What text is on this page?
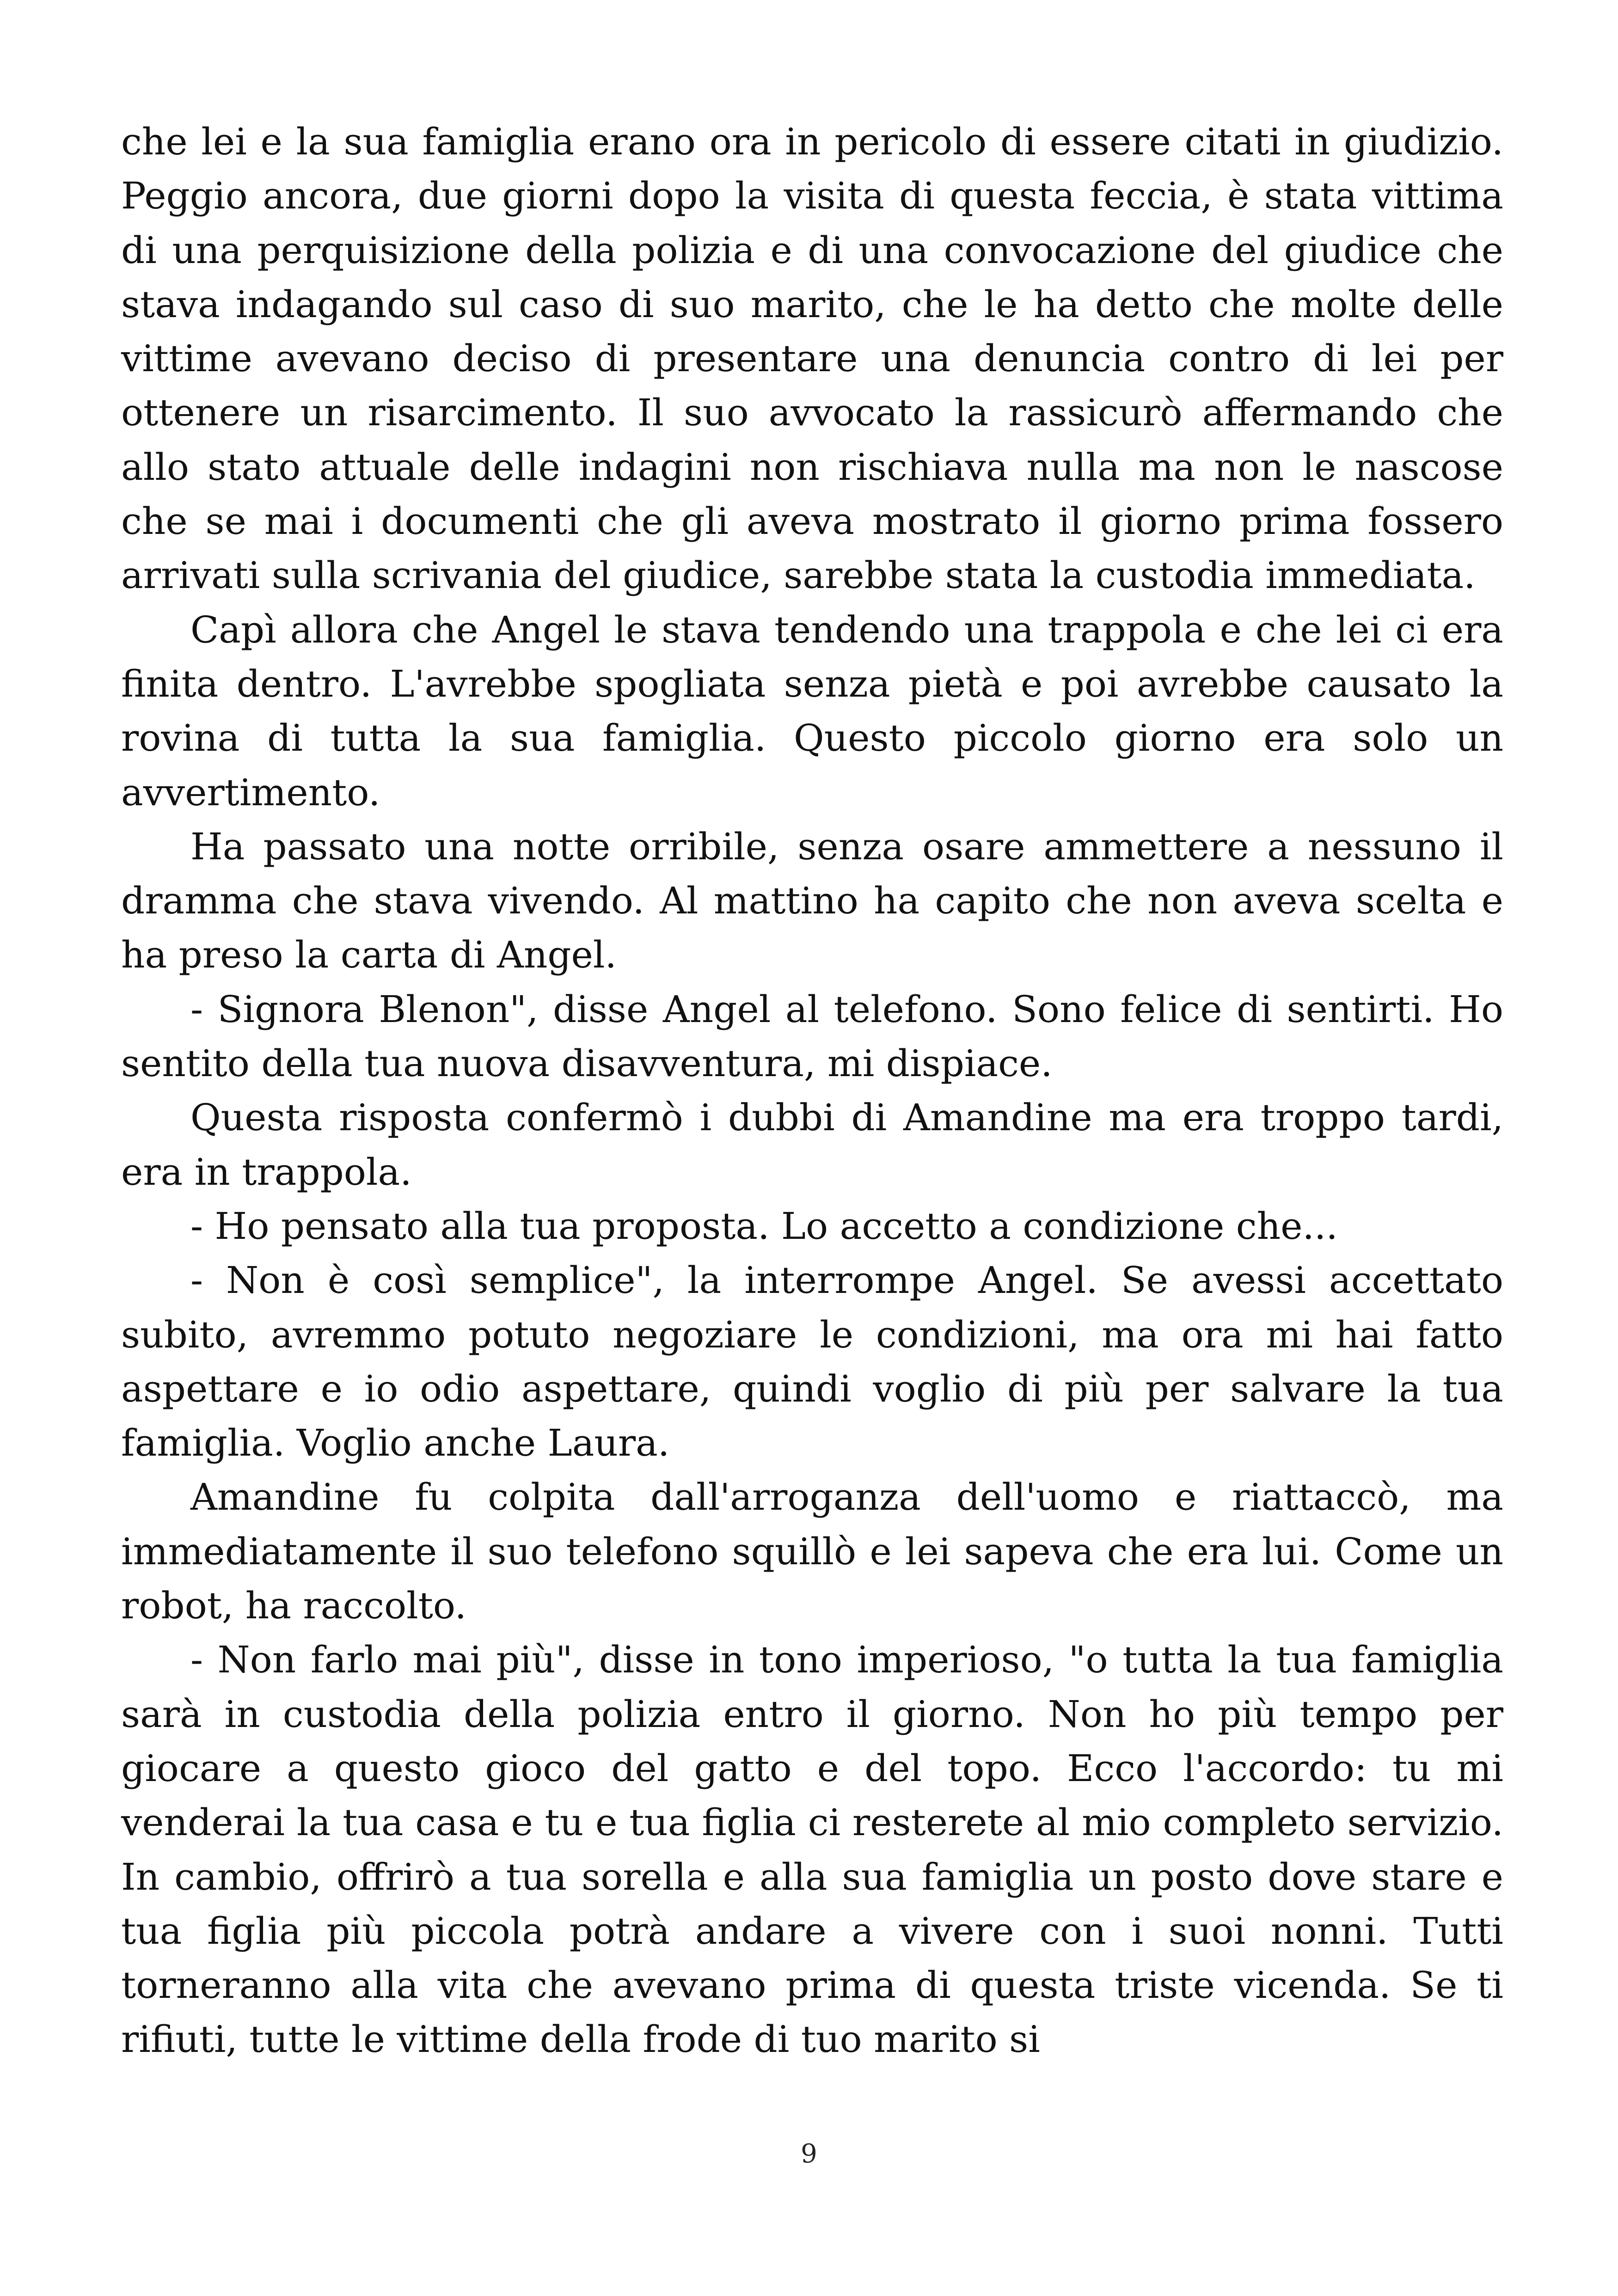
che lei e la sua famiglia erano ora in pericolo di essere citati in giudizio. Peggio ancora, due giorni dopo la visita di questa feccia, è stata vittima di una perquisizione della polizia e di una convocazione del giudice che stava indagando sul caso di suo marito, che le ha detto che molte delle vittime avevano deciso di presentare una denuncia contro di lei per ottenere un risarcimento. Il suo avvocato la rassicurò affermando che allo stato attuale delle indagini non rischiava nulla ma non le nascose che se mai i documenti che gli aveva mostrato il giorno prima fossero arrivati sulla scrivania del giudice, sarebbe stata la custodia immediata.

Capì allora che Angel le stava tendendo una trappola e che lei ci era finita dentro. L'avrebbe spogliata senza pietà e poi avrebbe causato la rovina di tutta la sua famiglia. Questo piccolo giorno era solo un avvertimento.

Ha passato una notte orribile, senza osare ammettere a nessuno il dramma che stava vivendo. Al mattino ha capito che non aveva scelta e ha preso la carta di Angel.

- Signora Blenon", disse Angel al telefono. Sono felice di sentirti. Ho sentito della tua nuova disavventura, mi dispiace.

Questa risposta confermò i dubbi di Amandine ma era troppo tardi, era in trappola.

- Ho pensato alla tua proposta. Lo accetto a condizione che...

- Non è così semplice", la interrompe Angel. Se avessi accettato subito, avremmo potuto negoziare le condizioni, ma ora mi hai fatto aspettare e io odio aspettare, quindi voglio di più per salvare la tua famiglia. Voglio anche Laura.

Amandine fu colpita dall'arroganza dell'uomo e riattaccò, ma immediatamente il suo telefono squillò e lei sapeva che era lui. Come un robot, ha raccolto.

- Non farlo mai più", disse in tono imperioso, "o tutta la tua famiglia sarà in custodia della polizia entro il giorno. Non ho più tempo per giocare a questo gioco del gatto e del topo. Ecco l'accordo: tu mi venderai la tua casa e tu e tua figlia ci resterete al mio completo servizio. In cambio, offrirò a tua sorella e alla sua famiglia un posto dove stare e tua figlia più piccola potrà andare a vivere con i suoi nonni. Tutti torneranno alla vita che avevano prima di questa triste vicenda. Se ti rifiuti, tutte le vittime della frode di tuo marito si

9
